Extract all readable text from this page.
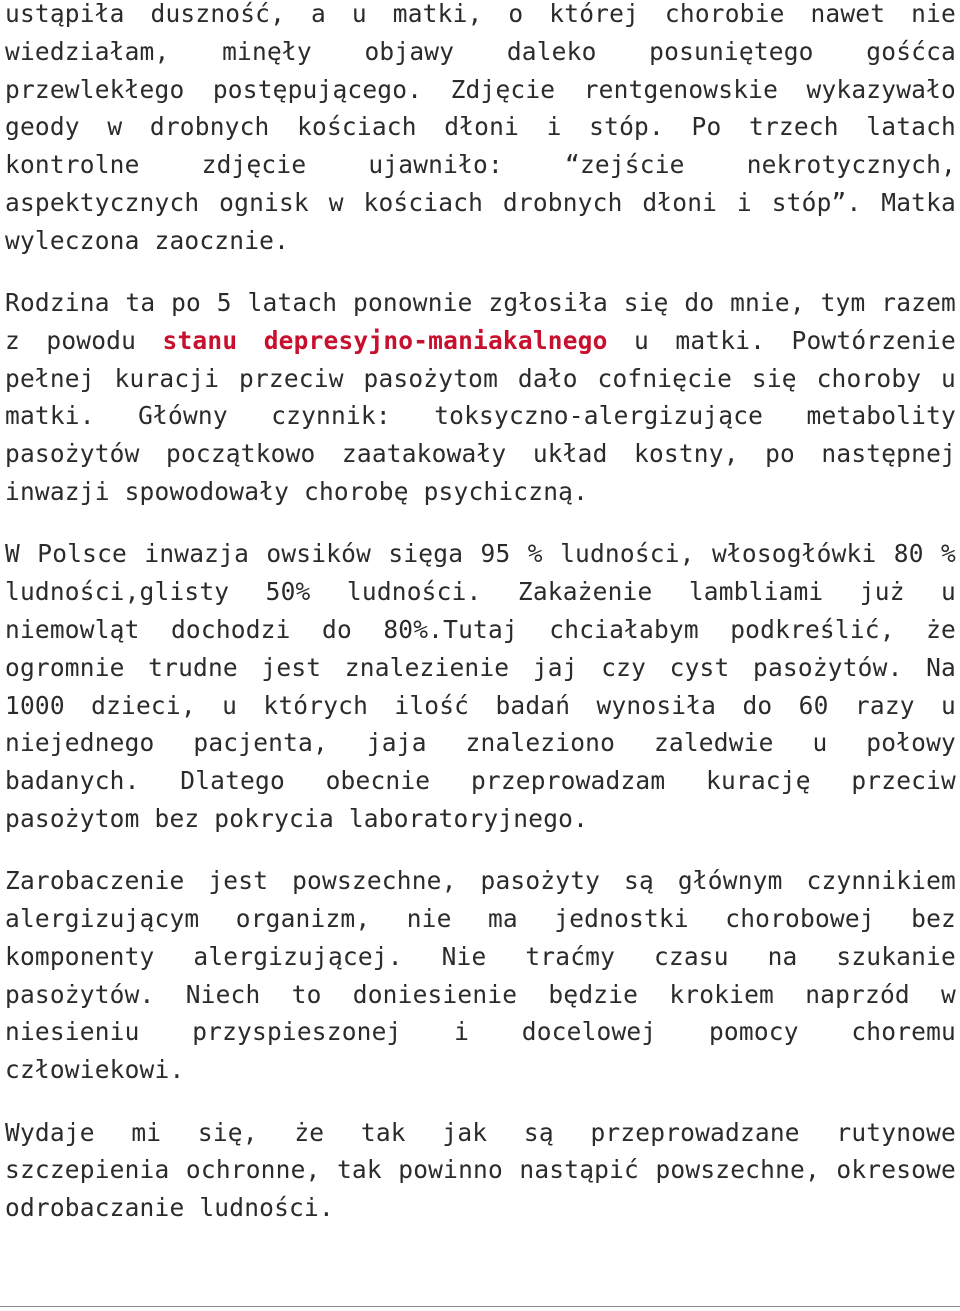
ustąpiła duszność, a u matki, o której chorobie nawet nie wiedziałam, minęły objawy daleko posuniętego gośćca przewlekłego postępującego. Zdjęcie rentgenowskie wykazywało geody w drobnych kościach dłoni i stóp. Po trzech latach kontrolne zdjęcie ujawniło: “zejście nekrotycznych, aspektycznych ognisk w kościach drobnych dłoni i stóp”. Matka wyleczona zaocznie.

Rodzina ta po 5 latach ponownie zgłosiła się do mnie, tym razem z powodu stanu depresyjno-maniakalnego u matki. Powtórzenie pełnej kuracji przeciw pasożytom dało cofnięcie się choroby u matki. Główny czynnik: toksyczno-alergizujące metabolity pasożytów początkowo zaatakowały układ kostny, po następnej inwazji spowodowały chorobę psychiczną.

W Polsce inwazja owsików sięga 95 % ludności, włosogłówki 80 % ludności,glisty 50% ludności. Zakażenie lambliami już u niemowląt dochodzi do 80%.Tutaj chciałabym podkreślić, że ogromnie trudne jest znalezienie jaj czy cyst pasożytów. Na 1000 dzieci, u których ilość badań wynosiła do 60 razy u niejednego pacjenta, jaja znaleziono zaledwie u połowy badanych. Dlatego obecnie przeprowadzam kurację przeciw pasożytom bez pokrycia laboratoryjnego.

Zarobaczenie jest powszechne, pasożyty są głównym czynnikiem alergizującym organizm, nie ma jednostki chorobowej bez komponenty alergizującej. Nie traćmy czasu na szukanie pasożytów. Niech to doniesienie będzie krokiem naprzód w niesieniu przyspieszonej i docelowej pomocy choremu człowiekowi.

Wydaje mi się, że tak jak są przeprowadzane rutynowe szczepienia ochronne, tak powinno nastąpić powszechne, okresowe odrobaczanie ludności.
